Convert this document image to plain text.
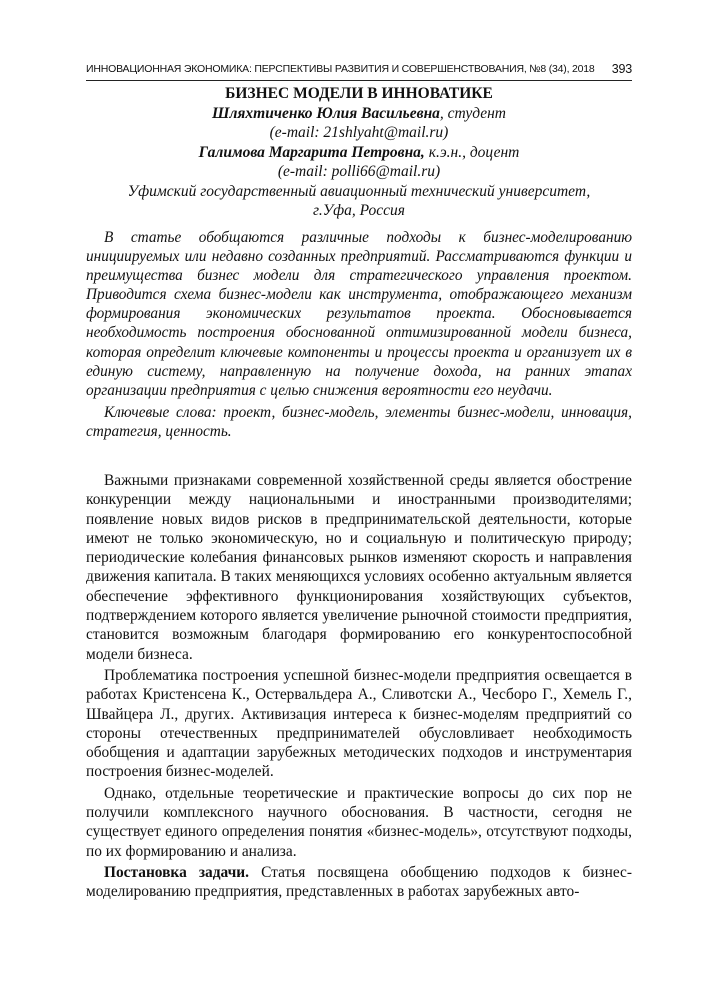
ИННОВАЦИОННАЯ ЭКОНОМИКА: ПЕРСПЕКТИВЫ РАЗВИТИЯ И СОВЕРШЕНСТВОВАНИЯ, №8 (34), 2018 393
БИЗНЕС МОДЕЛИ В ИННОВАТИКЕ
Шляхтиченко Юлия Васильевна, студент
(e-mail: 21shlyaht@mail.ru)
Галимова Маргарита Петровна, к.э.н., доцент
(e-mail: polli66@mail.ru)
Уфимский государственный авиационный технический университет,
г.Уфа, Россия

В статье обобщаются различные подходы к бизнес-моделированию инициируемых или недавно созданных предприятий. Рассматриваются функции и преимущества бизнес модели для стратегического управления проектом. Приводится схема бизнес-модели как инструмента, отображающего механизм формирования экономических результатов проекта. Обосновывается необходимость построения обоснованной оптимизированной модели бизнеса, которая определит ключевые компоненты и процессы проекта и организует их в единую систему, направленную на получение дохода, на ранних этапах организации предприятия с целью снижения вероятности его неудачи.

Ключевые слова: проект, бизнес-модель, элементы бизнес-модели, инновация, стратегия, ценность.

Важными признаками современной хозяйственной среды является обострение конкуренции между национальными и иностранными производителями; появление новых видов рисков в предпринимательской деятельности, которые имеют не только экономическую, но и социальную и политическую природу; периодические колебания финансовых рынков изменяют скорость и направления движения капитала. В таких меняющихся условиях особенно актуальным является обеспечение эффективного функционирования хозяйствующих субъектов, подтверждением которого является увеличение рыночной стоимости предприятия, становится возможным благодаря формированию его конкурентоспособной модели бизнеса.

Проблематика построения успешной бизнес-модели предприятия освещается в работах Кристенсена К., Остервальдера А., Сливотски А., Чесборо Г., Хемель Г., Швайцера Л., других. Активизация интереса к бизнес-моделям предприятий со стороны отечественных предпринимателей обусловливает необходимость обобщения и адаптации зарубежных методических подходов и инструментария построения бизнес-моделей.

Однако, отдельные теоретические и практические вопросы до сих пор не получили комплексного научного обоснования. В частности, сегодня не существует единого определения понятия «бизнес-модель», отсутствуют подходы, по их формированию и анализа.

Постановка задачи. Статья посвящена обобщению подходов к бизнес-моделированию предприятия, представленных в работах зарубежных авто-
